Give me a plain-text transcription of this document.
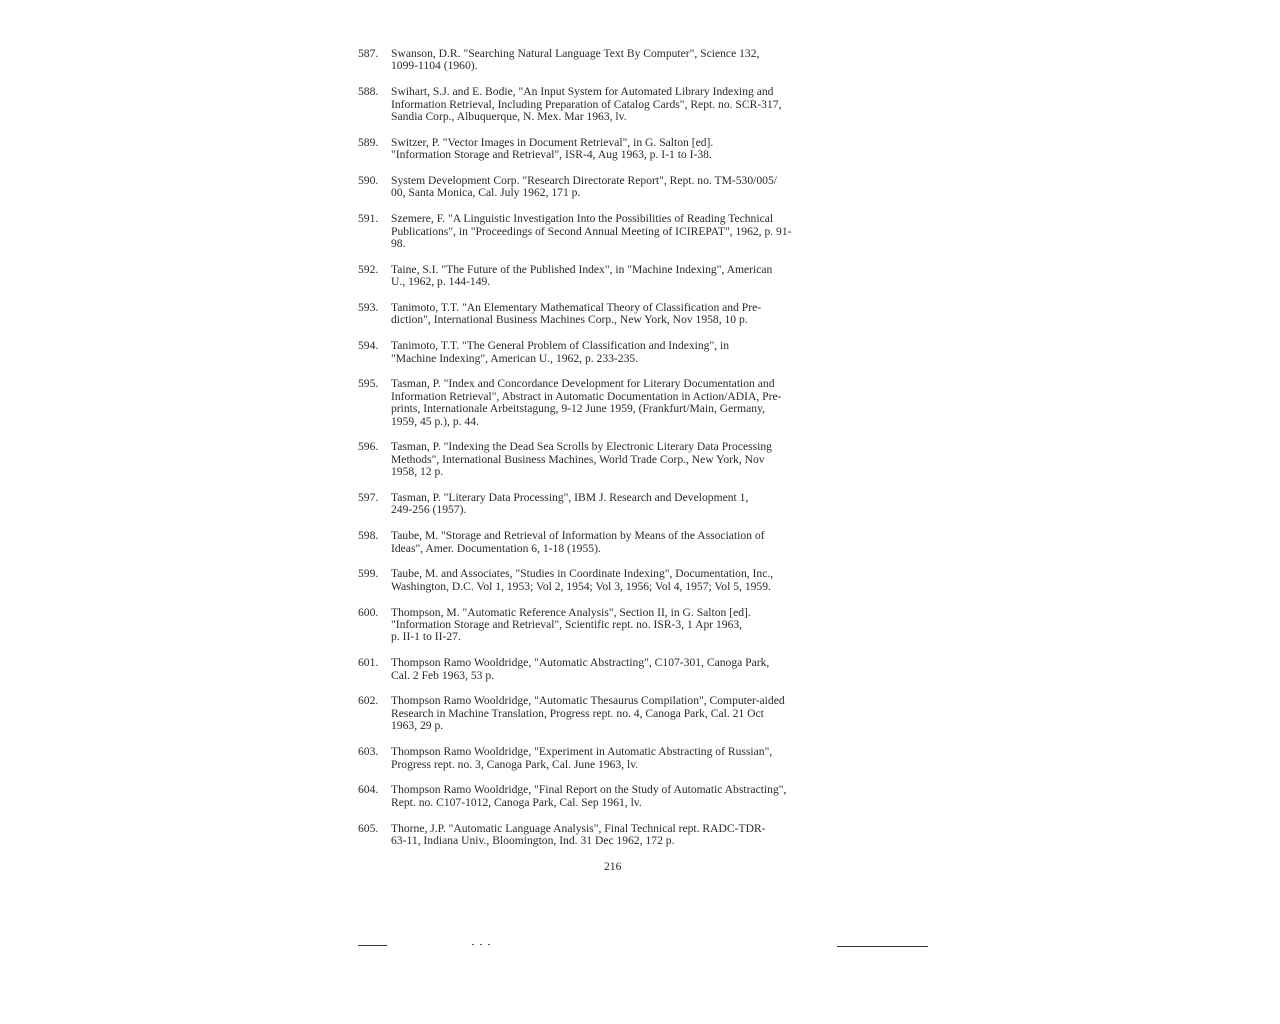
587. Swanson, D.R. "Searching Natural Language Text By Computer", Science 132,
1099-1104 (1960).
588. Swihart, S.J. and E. Bodie, "An Input System for Automated Library Indexing and
Information Retrieval, Including Preparation of Catalog Cards", Rept. no. SCR-317,
Sandia Corp., Albuquerque, N. Mex. Mar 1963, lv.
589. Switzer, P. "Vector Images in Document Retrieval", in G. Salton [ed].
"Information Storage and Retrieval", ISR-4, Aug 1963, p. I-1 to I-38.
590. System Development Corp. "Research Directorate Report", Rept. no. TM-530/005/
00, Santa Monica, Cal. July 1962, 171 p.
591. Szemere, F. "A Linguistic Investigation Into the Possibilities of Reading Technical
Publications", in "Proceedings of Second Annual Meeting of ICIREPAT", 1962, p. 91-
98.
592. Taine, S.I. "The Future of the Published Index", in "Machine Indexing", American
U., 1962, p. 144-149.
593. Tanimoto, T.T. "An Elementary Mathematical Theory of Classification and Pre-
diction", International Business Machines Corp., New York, Nov 1958, 10 p.
594. Tanimoto, T.T. "The General Problem of Classification and Indexing", in
"Machine Indexing", American U., 1962, p. 233-235.
595. Tasman, P. "Index and Concordance Development for Literary Documentation and
Information Retrieval", Abstract in Automatic Documentation in Action/ADIA, Pre-
prints, Internationale Arbeitstagung, 9-12 June 1959, (Frankfurt/Main, Germany,
1959, 45 p.), p. 44.
596. Tasman, P. "Indexing the Dead Sea Scrolls by Electronic Literary Data Processing
Methods", International Business Machines, World Trade Corp., New York, Nov
1958, 12 p.
597. Tasman, P. "Literary Data Processing", IBM J. Research and Development 1,
249-256 (1957).
598. Taube, M. "Storage and Retrieval of Information by Means of the Association of
Ideas", Amer. Documentation 6, 1-18 (1955).
599. Taube, M. and Associates, "Studies in Coordinate Indexing", Documentation, Inc.,
Washington, D.C. Vol 1, 1953; Vol 2, 1954; Vol 3, 1956; Vol 4, 1957; Vol 5, 1959.
600. Thompson, M. "Automatic Reference Analysis", Section II, in G. Salton [ed].
"Information Storage and Retrieval", Scientific rept. no. ISR-3, 1 Apr 1963,
p. II-1 to II-27.
601. Thompson Ramo Wooldridge, "Automatic Abstracting", C107-301, Canoga Park,
Cal. 2 Feb 1963, 53 p.
602. Thompson Ramo Wooldridge, "Automatic Thesaurus Compilation", Computer-aided
Research in Machine Translation, Progress rept. no. 4, Canoga Park, Cal. 21 Oct
1963, 29 p.
603. Thompson Ramo Wooldridge, "Experiment in Automatic Abstracting of Russian",
Progress rept. no. 3, Canoga Park, Cal. June 1963, lv.
604. Thompson Ramo Wooldridge, "Final Report on the Study of Automatic Abstracting",
Rept. no. C107-1012, Canoga Park, Cal. Sep 1961, lv.
605. Thorne, J.P. "Automatic Language Analysis", Final Technical rept. RADC-TDR-
63-11, Indiana Univ., Bloomington, Ind. 31 Dec 1962, 172 p.
216
